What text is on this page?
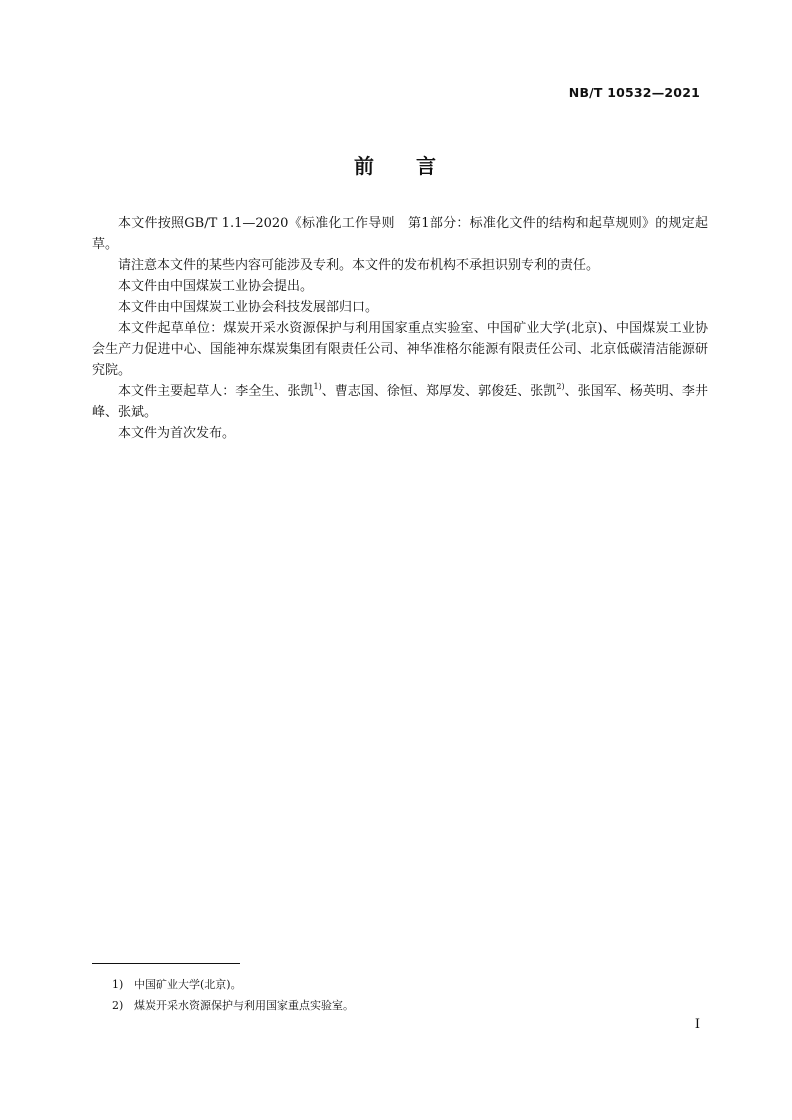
NB/T 10532—2021
前 言

本文件按照GB/T 1.1—2020《标准化工作导则　第1部分：标准化文件的结构和起草规则》的规定起草。

请注意本文件的某些内容可能涉及专利。本文件的发布机构不承担识别专利的责任。

本文件由中国煤炭工业协会提出。

本文件由中国煤炭工业协会科技发展部归口。

本文件起草单位：煤炭开采水资源保护与利用国家重点实验室、中国矿业大学(北京)、中国煤炭工业协会生产力促进中心、国能神东煤炭集团有限责任公司、神华准格尔能源有限责任公司、北京低碳清洁能源研究院。

本文件主要起草人：李全生、张凯$^{1)}$、曹志国、徐恒、郑厚发、郭俊廷、张凯$^{2)}$、张国军、杨英明、李井峰、张斌。

本文件为首次发布。

1) 中国矿业大学(北京)。
2) 煤炭开采水资源保护与利用国家重点实验室。
I
